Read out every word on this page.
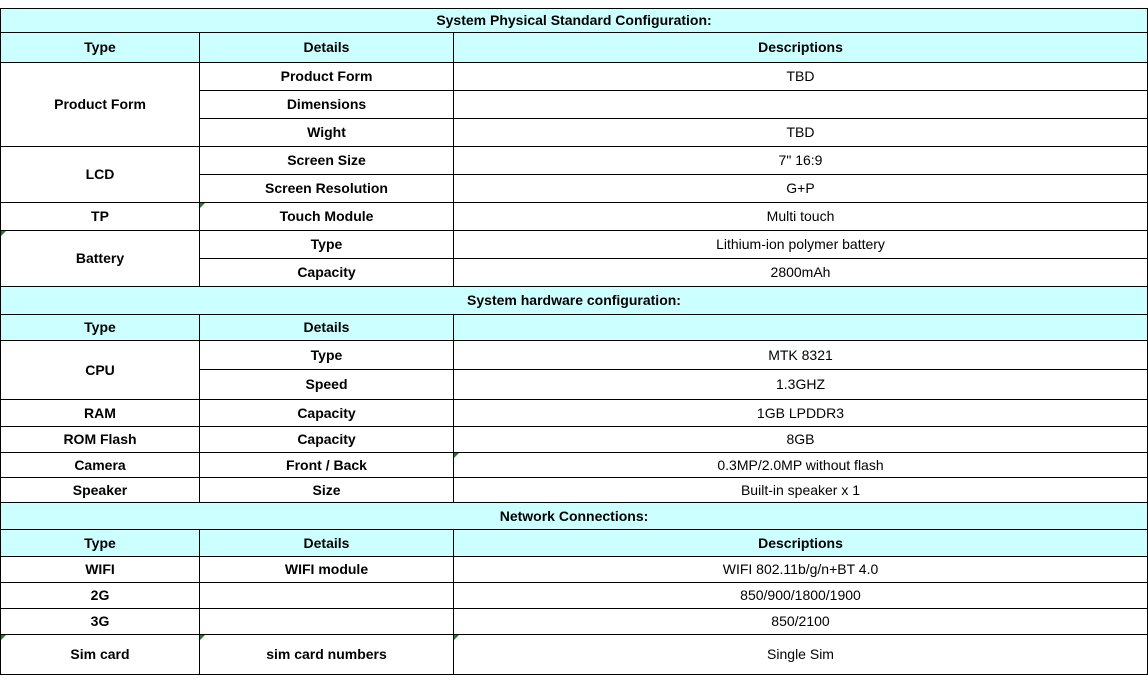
System Physical Standard Configuration:		
Type	Details	Descriptions
Product Form	Product Form	TBD
	Dimensions	
	Wight	TBD
LCD	Screen Size	7" 16:9
	Screen Resolution	G+P
TP	Touch Module	Multi touch
Battery	Type	Lithium-ion polymer battery
	Capacity	2800mAh
System hardware configuration:		
Type	Details	
CPU	Type	MTK 8321
	Speed	1.3GHZ
RAM	Capacity	1GB LPDDR3
ROM Flash	Capacity	8GB
Camera	Front / Back	0.3MP/2.0MP without flash
Speaker	Size	Built-in speaker x 1
Network Connections:		
Type	Details	Descriptions
WIFI	WIFI module	WIFI 802.11b/g/n+BT 4.0
2G		850/900/1800/1900
3G		850/2100
Sim card	sim card numbers	Single Sim
